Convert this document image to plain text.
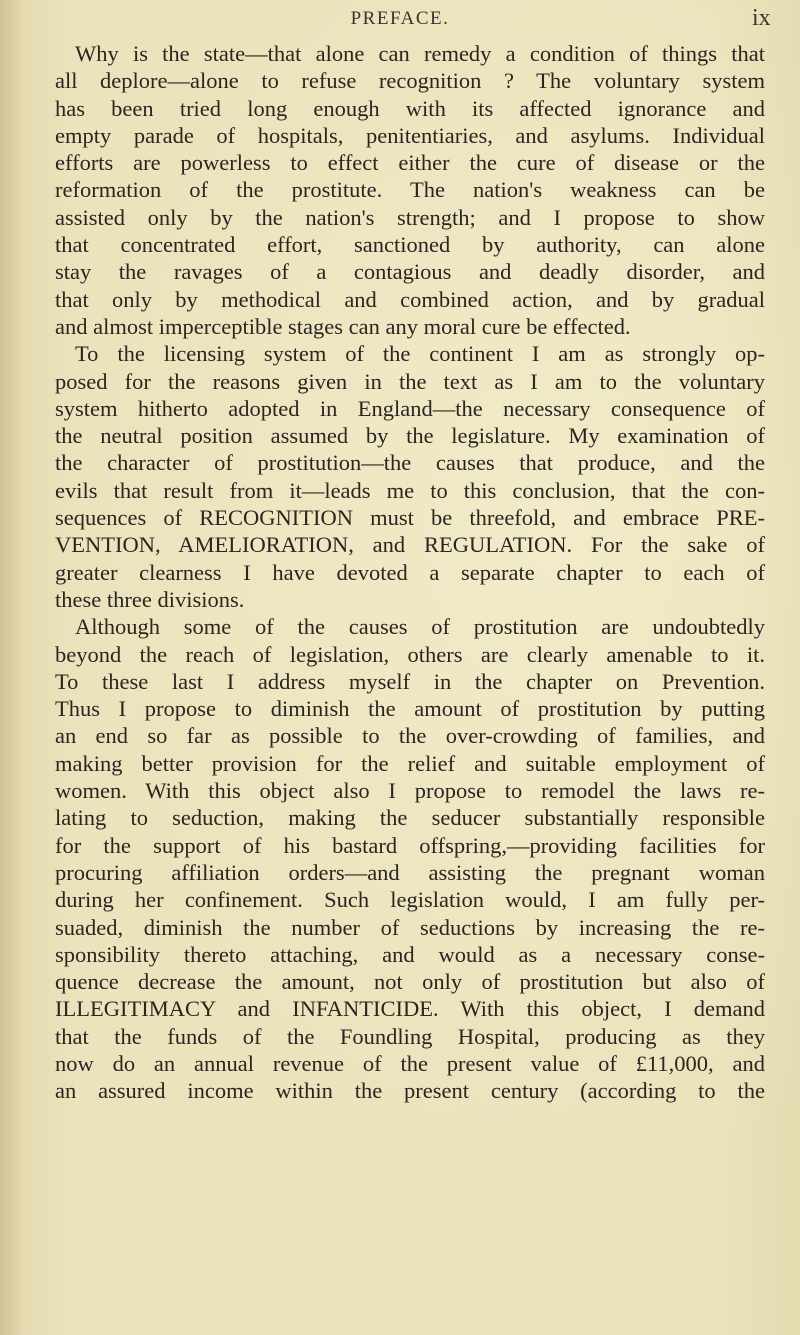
PREFACE.	ix
Why is the state—that alone can remedy a condition of things that
all deplore—alone to refuse recognition ? The voluntary system
has been tried long enough with its affected ignorance and
empty parade of hospitals, penitentiaries, and asylums. Individual
efforts are powerless to effect either the cure of disease or the
reformation of the prostitute. The nation's weakness can be
assisted only by the nation's strength; and I propose to show
that concentrated effort, sanctioned by authority, can alone
stay the ravages of a contagious and deadly disorder, and
that only by methodical and combined action, and by gradual
and almost imperceptible stages can any moral cure be effected.
To the licensing system of the continent I am as strongly op-
posed for the reasons given in the text as I am to the voluntary
system hitherto adopted in England—the necessary consequence of
the neutral position assumed by the legislature. My examination of
the character of prostitution—the causes that produce, and the
evils that result from it—leads me to this conclusion, that the con-
sequences of RECOGNITION must be threefold, and embrace PRE-
VENTION, AMELIORATION, and REGULATION. For the sake of
greater clearness I have devoted a separate chapter to each of
these three divisions.
Although some of the causes of prostitution are undoubtedly
beyond the reach of legislation, others are clearly amenable to it.
To these last I address myself in the chapter on Prevention.
Thus I propose to diminish the amount of prostitution by putting
an end so far as possible to the over-crowding of families, and
making better provision for the relief and suitable employment of
women. With this object also I propose to remodel the laws re-
lating to seduction, making the seducer substantially responsible
for the support of his bastard offspring,—providing facilities for
procuring affiliation orders—and assisting the pregnant woman
during her confinement. Such legislation would, I am fully per-
suaded, diminish the number of seductions by increasing the re-
sponsibility thereto attaching, and would as a necessary conse-
quence decrease the amount, not only of prostitution but also of
ILLEGITIMACY and INFANTICIDE. With this object, I demand
that the funds of the Foundling Hospital, producing as they
now do an annual revenue of the present value of £11,000, and
an assured income within the present century (according to the
